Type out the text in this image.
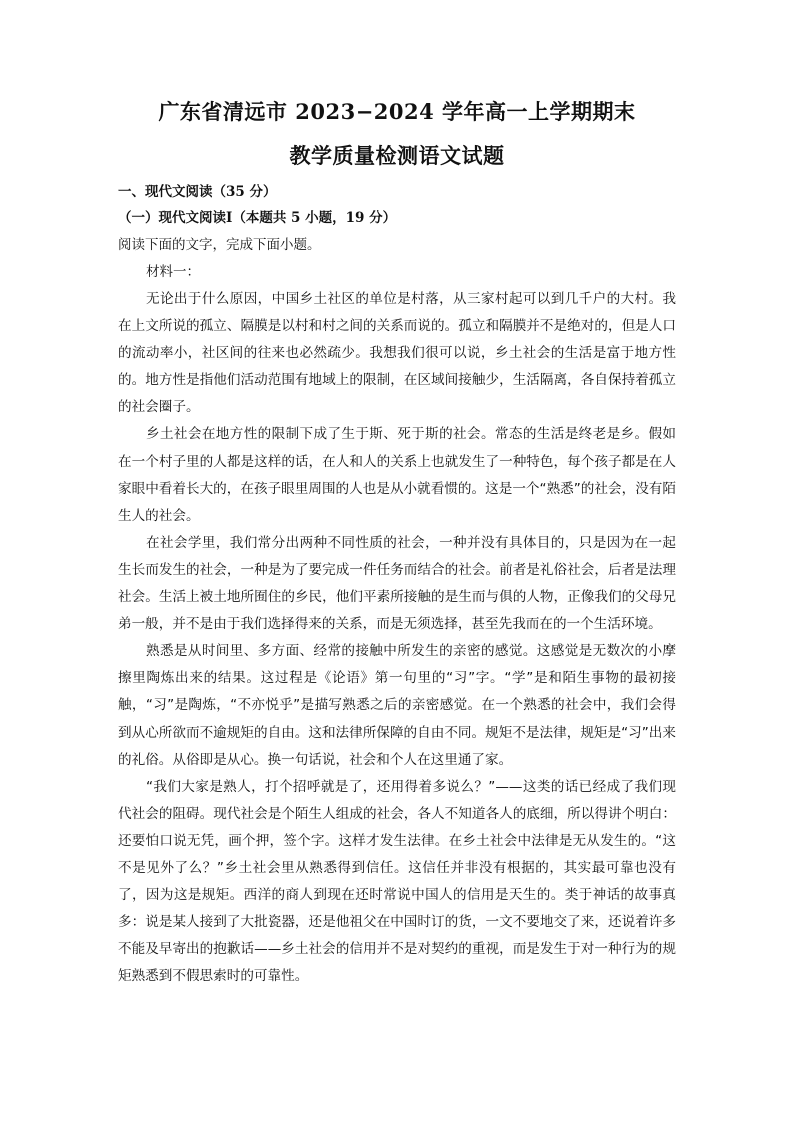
广东省清远市 2023−2024 学年高一上学期期末
教学质量检测语文试题
一、现代文阅读（35 分）
（一）现代文阅读Ⅰ（本题共 5 小题，19 分）
阅读下面的文字，完成下面小题。
材料一：

无论出于什么原因，中国乡土社区的单位是村落，从三家村起可以到几千户的大村。我在上文所说的孤立、隔膜是以村和村之间的关系而说的。孤立和隔膜并不是绝对的，但是人口的流动率小，社区间的往来也必然疏少。我想我们很可以说，乡土社会的生活是富于地方性的。地方性是指他们活动范围有地域上的限制，在区域间接触少，生活隔离，各自保持着孤立的社会圈子。

乡土社会在地方性的限制下成了生于斯、死于斯的社会。常态的生活是终老是乡。假如在一个村子里的人都是这样的话，在人和人的关系上也就发生了一种特色，每个孩子都是在人家眼中看着长大的，在孩子眼里周围的人也是从小就看惯的。这是一个“熟悉”的社会，没有陌生人的社会。

在社会学里，我们常分出两种不同性质的社会，一种并没有具体目的，只是因为在一起生长而发生的社会，一种是为了要完成一件任务而结合的社会。前者是礼俗社会，后者是法理社会。生活上被土地所囿住的乡民，他们平素所接触的是生而与俱的人物，正像我们的父母兄弟一般，并不是由于我们选择得来的关系，而是无须选择，甚至先我而在的一个生活环境。

熟悉是从时间里、多方面、经常的接触中所发生的亲密的感觉。这感觉是无数次的小摩擦里陶炼出来的结果。这过程是《论语》第一句里的“习”字。“学”是和陌生事物的最初接触，“习”是陶炼，“不亦悦乎”是描写熟悉之后的亲密感觉。在一个熟悉的社会中，我们会得到从心所欲而不逾规矩的自由。这和法律所保障的自由不同。规矩不是法律，规矩是“习”出来的礼俗。从俗即是从心。换一句话说，社会和个人在这里通了家。

“我们大家是熟人，打个招呼就是了，还用得着多说么？”——这类的话已经成了我们现代社会的阻碍。现代社会是个陌生人组成的社会，各人不知道各人的底细，所以得讲个明白：还要怕口说无凭，画个押，签个字。这样才发生法律。在乡土社会中法律是无从发生的。“这不是见外了么？”乡土社会里从熟悉得到信任。这信任并非没有根据的，其实最可靠也没有了，因为这是规矩。西洋的商人到现在还时常说中国人的信用是天生的。类于神话的故事真多：说是某人接到了大批瓷器，还是他祖父在中国时订的货，一文不要地交了来，还说着许多不能及早寄出的抱歉话——乡土社会的信用并不是对契约的重视，而是发生于对一种行为的规矩熟悉到不假思索时的可靠性。
